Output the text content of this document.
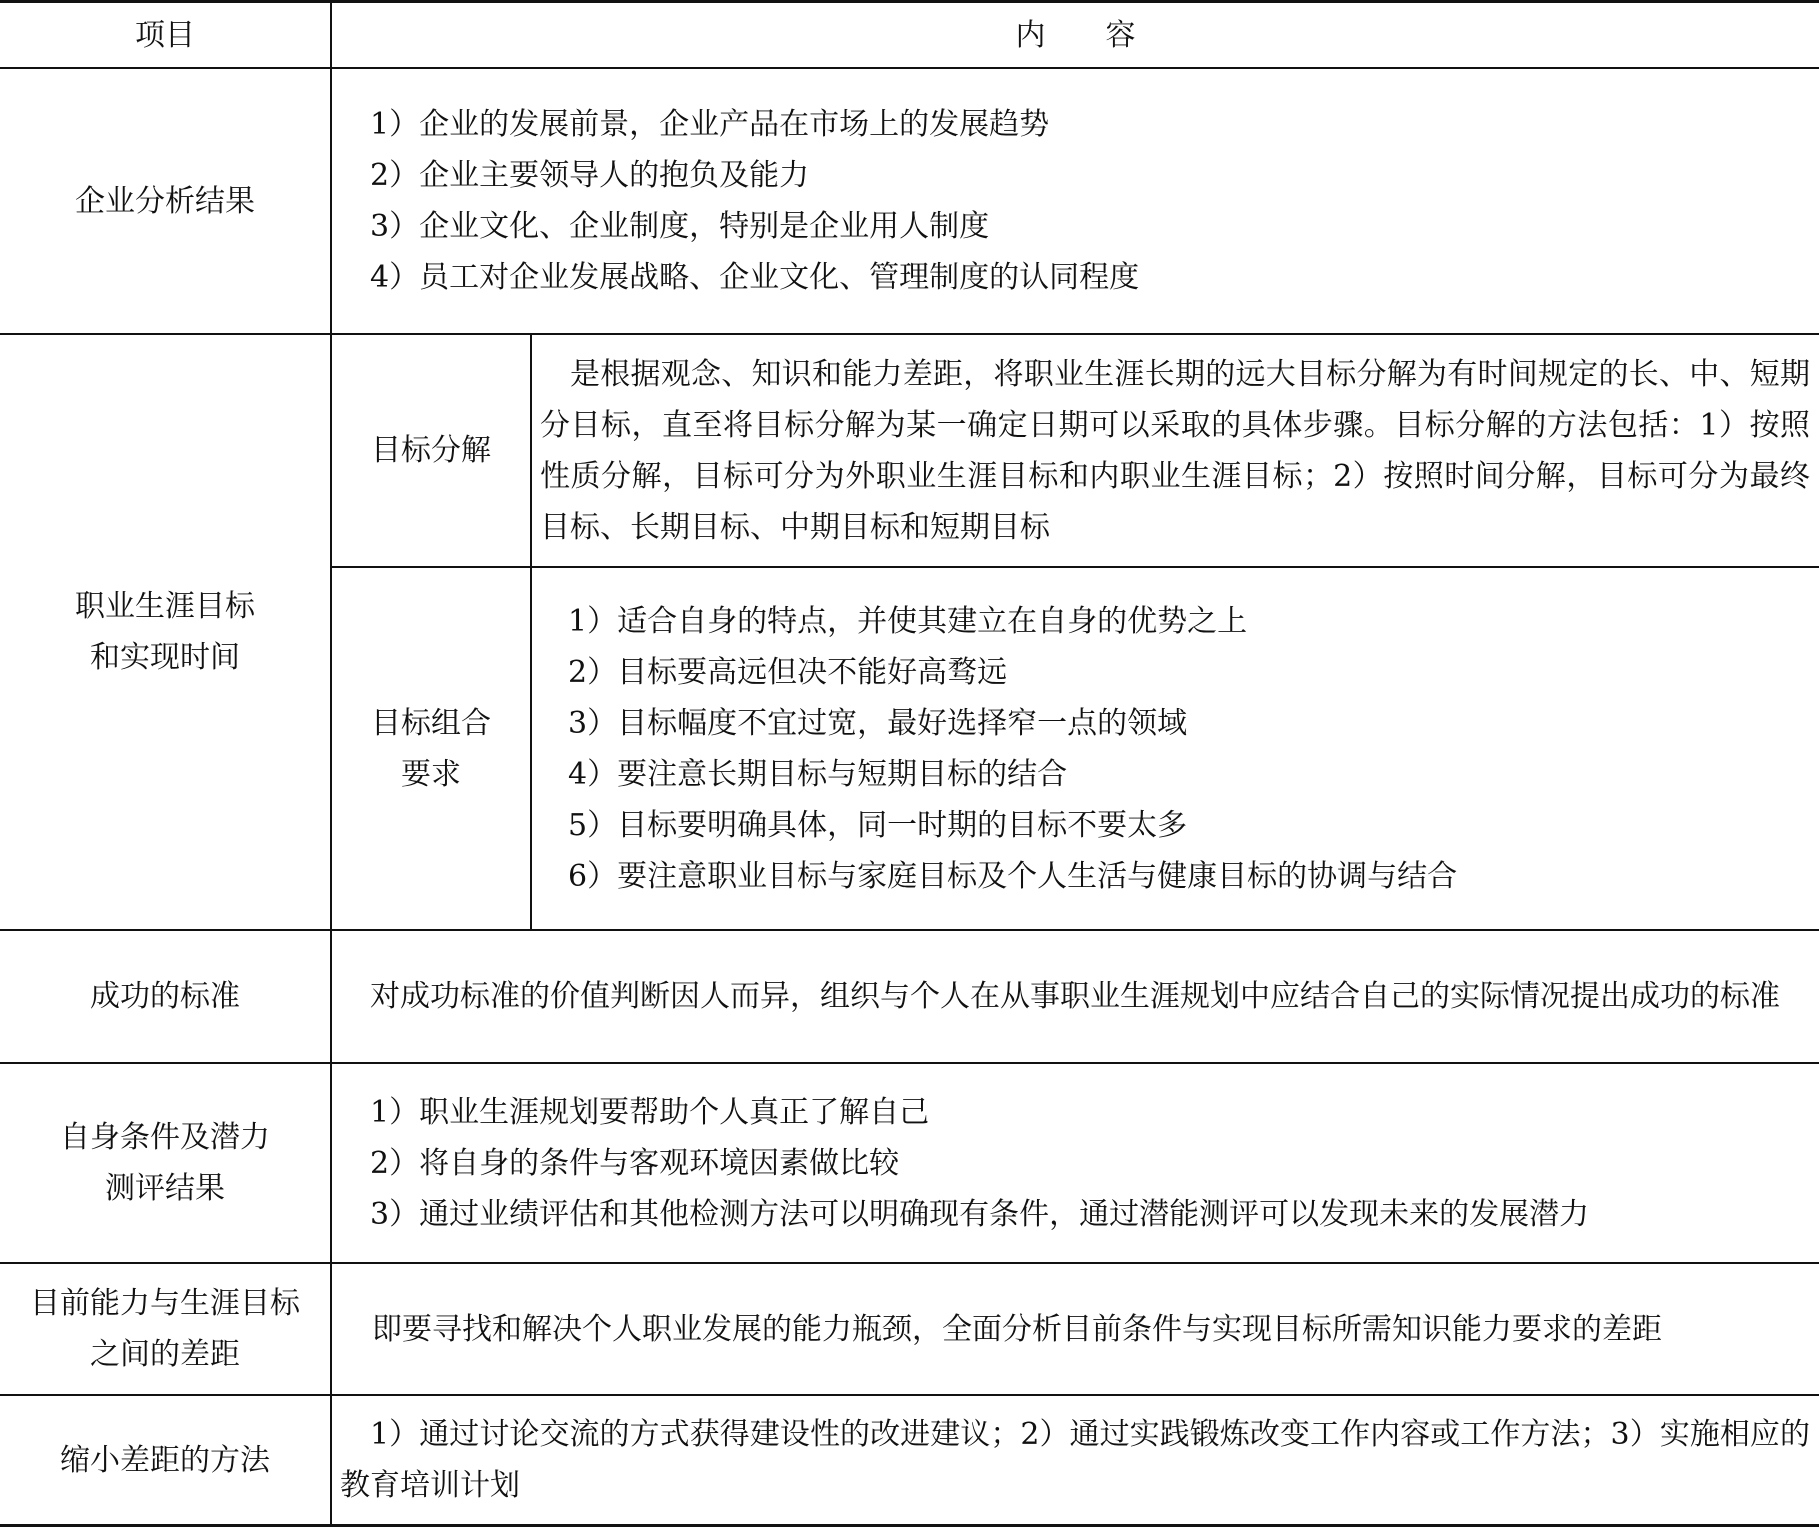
项目	内　　容
企业分析结果
1）企业的发展前景，企业产品在市场上的发展趋势
2）企业主要领导人的抱负及能力
3）企业文化、企业制度，特别是企业用人制度
4）员工对企业发展战略、企业文化、管理制度的认同程度
职业生涯目标
和实现时间
目标分解
是根据观念、知识和能力差距，将职业生涯长期的远大目标分解为有时间规定的长、中、短期分目标，直至将目标分解为某一确定日期可以采取的具体步骤。目标分解的方法包括：1）按照性质分解，目标可分为外职业生涯目标和内职业生涯目标；2）按照时间分解，目标可分为最终目标、长期目标、中期目标和短期目标
目标组合
要求
1）适合自身的特点，并使其建立在自身的优势之上
2）目标要高远但决不能好高骛远
3）目标幅度不宜过宽，最好选择窄一点的领域
4）要注意长期目标与短期目标的结合
5）目标要明确具体，同一时期的目标不要太多
6）要注意职业目标与家庭目标及个人生活与健康目标的协调与结合
成功的标准	对成功标准的价值判断因人而异，组织与个人在从事职业生涯规划中应结合自己的实际情况提出成功的标准
自身条件及潜力
测评结果
1）职业生涯规划要帮助个人真正了解自己
2）将自身的条件与客观环境因素做比较
3）通过业绩评估和其他检测方法可以明确现有条件，通过潜能测评可以发现未来的发展潜力
目前能力与生涯目标
之间的差距
即要寻找和解决个人职业发展的能力瓶颈，全面分析目前条件与实现目标所需知识能力要求的差距
缩小差距的方法
1）通过讨论交流的方式获得建设性的改进建议；2）通过实践锻炼改变工作内容或工作方法；3）实施相应的教育培训计划
